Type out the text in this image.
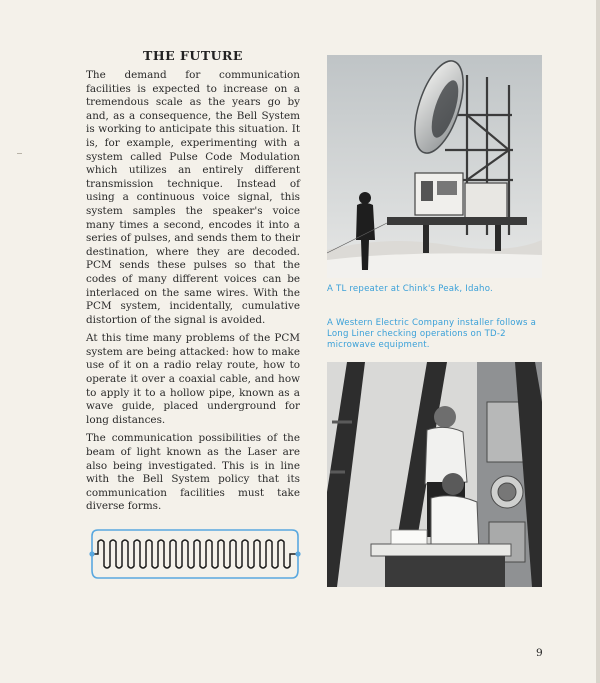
THE FUTURE

The demand for communication facilities is expected to increase on a tremendous scale as the years go by and, as a consequence, the Bell System is working to anticipate this situation. It is, for example, experimenting with a system called Pulse Code Modulation which utilizes an entirely different transmission technique. Instead of using a continuous voice signal, this system samples the speaker's voice many times a second, encodes it into a series of pulses, and sends them to their destination, where they are decoded. PCM sends these pulses so that the codes of many different voices can be interlaced on the same wires. With the PCM system, incidentally, cumulative distortion of the signal is avoided.

At this time many problems of the PCM system are being attacked: how to make use of it on a radio relay route, how to operate it over a coaxial cable, and how to apply it to a hollow pipe, known as a wave guide, placed underground for long distances.

The communication possibilities of the beam of light known as the Laser are also being investigated. This is in line with the Bell System policy that its communication facilities must take diverse forms.

A TL repeater at Chink's Peak, Idaho.
A Western Electric Company installer follows a Long Liner checking operations on TD-2 microwave equipment.
9
